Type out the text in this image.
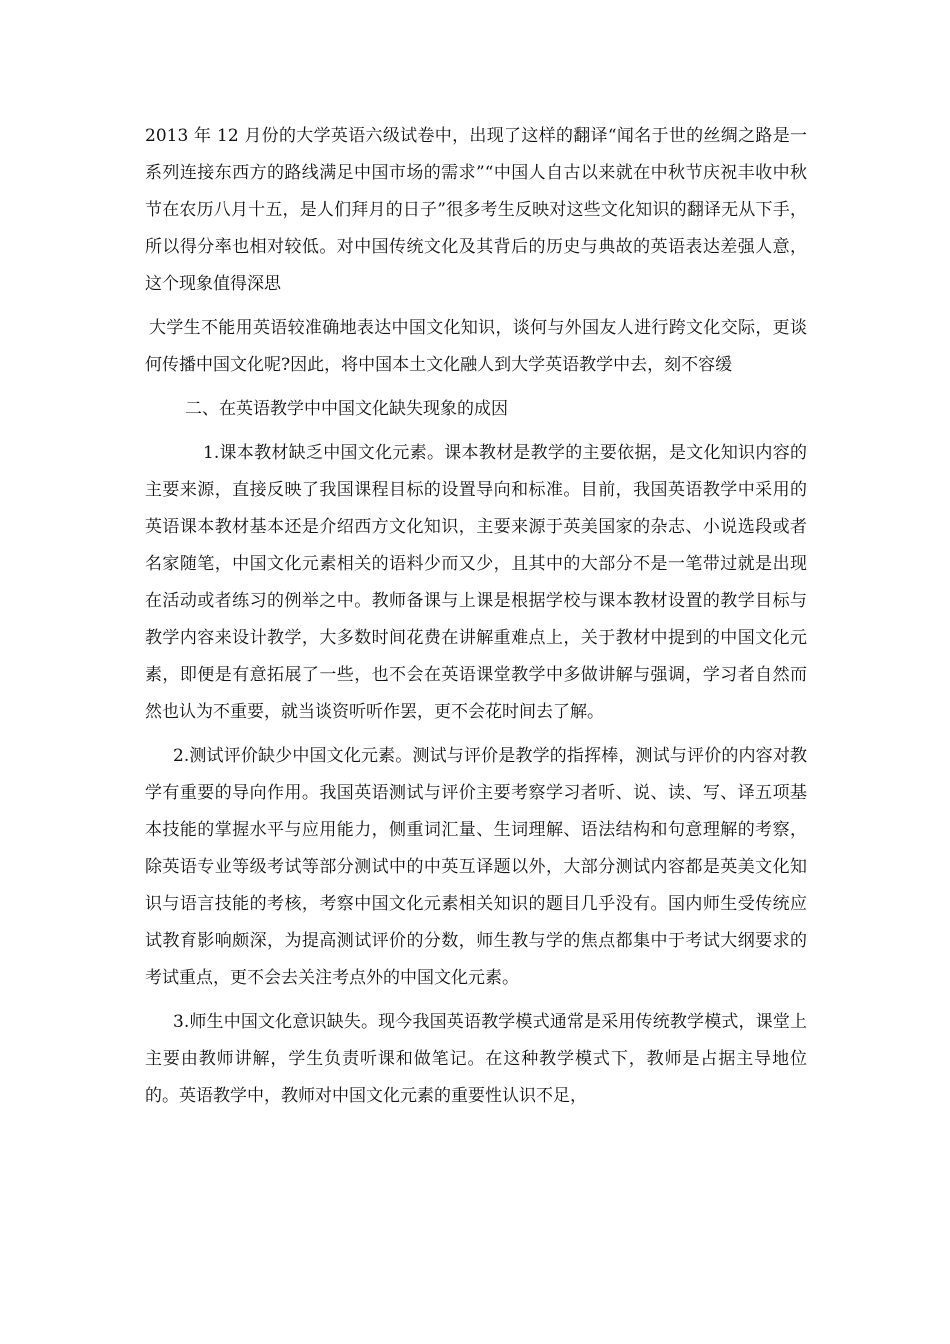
2013 年 12 月份的大学英语六级试卷中，出现了这样的翻译“闻名于世的丝绸之路是一系列连接东西方的路线满足中国市场的需求”“中国人自古以来就在中秋节庆祝丰收中秋节在农历八月十五，是人们拜月的日子”很多考生反映对这些文化知识的翻译无从下手，所以得分率也相对较低。对中国传统文化及其背后的历史与典故的英语表达差强人意，这个现象值得深思

大学生不能用英语较准确地表达中国文化知识，谈何与外国友人进行跨文化交际，更谈何传播中国文化呢?因此，将中国本土文化融人到大学英语教学中去，刻不容缓

二、在英语教学中中国文化缺失现象的成因

1.课本教材缺乏中国文化元素。课本教材是教学的主要依据，是文化知识内容的主要来源，直接反映了我国课程目标的设置导向和标准。目前，我国英语教学中采用的英语课本教材基本还是介绍西方文化知识，主要来源于英美国家的杂志、小说选段或者名家随笔，中国文化元素相关的语料少而又少，且其中的大部分不是一笔带过就是出现在活动或者练习的例举之中。教师备课与上课是根据学校与课本教材设置的教学目标与教学内容来设计教学，大多数时间花费在讲解重难点上，关于教材中提到的中国文化元素，即便是有意拓展了一些，也不会在英语课堂教学中多做讲解与强调，学习者自然而然也认为不重要，就当谈资听听作罢，更不会花时间去了解。

2.测试评价缺少中国文化元素。测试与评价是教学的指挥棒，测试与评价的内容对教学有重要的导向作用。我国英语测试与评价主要考察学习者听、说、读、写、译五项基本技能的掌握水平与应用能力，侧重词汇量、生词理解、语法结构和句意理解的考察，除英语专业等级考试等部分测试中的中英互译题以外，大部分测试内容都是英美文化知识与语言技能的考核，考察中国文化元素相关知识的题目几乎没有。国内师生受传统应试教育影响颇深，为提高测试评价的分数，师生教与学的焦点都集中于考试大纲要求的考试重点，更不会去关注考点外的中国文化元素。

3.师生中国文化意识缺失。现今我国英语教学模式通常是采用传统教学模式，课堂上主要由教师讲解，学生负责听课和做笔记。在这种教学模式下，教师是占据主导地位的。英语教学中，教师对中国文化元素的重要性认识不足，
